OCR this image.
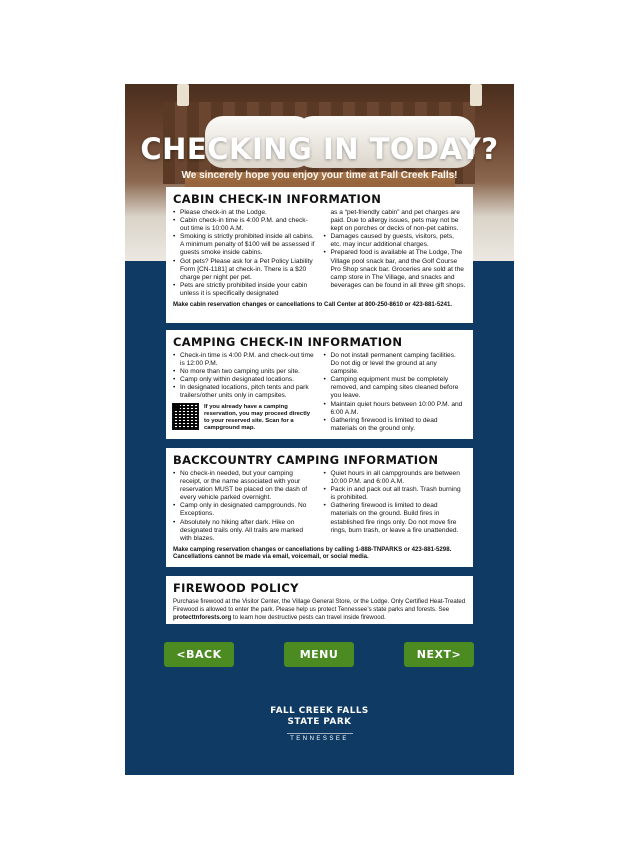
CHECKING IN TODAY?

We sincerely hope you enjoy your time at Fall Creek Falls!

CABIN CHECK-IN INFORMATION
• Please check-in at the Lodge.
• Cabin check-in time is 4:00 P.M. and check-out time is 10:00 A.M.
• Smoking is strictly prohibited inside all cabins. A minimum penalty of $100 will be assessed if guests smoke inside cabins.
• Got pets? Please ask for a Pet Policy Liability Form [CN-1181] at check-in. There is a $20 charge per night per pet.
• Pets are strictly prohibited inside your cabin unless it is specifically designated
as a “pet-friendly cabin” and pet charges are paid. Due to allergy issues, pets may not be kept on porches or decks of non-pet cabins.
• Damages caused by guests, visitors, pets, etc. may incur additional charges.
• Prepared food is available at The Lodge, The Village pool snack bar, and the Golf Course Pro Shop snack bar. Groceries are sold at the camp store in The Village, and snacks and beverages can be found in all three gift shops.
Make cabin reservation changes or cancellations to Call Center at 800-250-8610 or 423-881-5241.
CAMPING CHECK-IN INFORMATION
• Check-in time is 4:00 P.M. and check-out time is 12:00 P.M.
• No more than two camping units per site.
• Camp only within designated locations.
• In designated locations, pitch tents and park trailers/other units only in campsites.
If you already have a camping reservation, you may proceed directly to your reserved site. Scan for a campground map.
• Do not install permanent camping facilities. Do not dig or level the ground at any campsite.
• Camping equipment must be completely removed, and camping sites cleaned before you leave.
• Maintain quiet hours between 10:00 P.M. and 6:00 A.M.
• Gathering firewood is limited to dead materials on the ground only.
BACKCOUNTRY CAMPING INFORMATION
• No check-in needed, but your camping receipt, or the name associated with your reservation MUST be placed on the dash of every vehicle parked overnight.
• Camp only in designated campgrounds. No Exceptions.
• Absolutely no hiking after dark. Hike on designated trails only. All trails are marked with blazes.
• Quiet hours in all campgrounds are between 10:00 P.M. and 6:00 A.M.
• Pack in and pack out all trash. Trash burning is prohibited.
• Gathering firewood is limited to dead materials on the ground. Build fires in established fire rings only. Do not move fire rings, burn trash, or leave a fire unattended.
Make camping reservation changes or cancellations by calling 1-888-TNPARKS or 423-881-5298.
Cancellations cannot be made via email, voicemail, or social media.
FIREWOOD POLICY

Purchase firewood at the Visitor Center, the Village General Store, or the Lodge. Only Certified Heat-Treated Firewood is allowed to enter the park. Please help us protect Tennessee’s state parks and forests. See protecttnforests.org to learn how destructive pests can travel inside firewood.

<BACK	MENU	NEXT>
FALL CREEK FALLS
STATE PARK
TENNESSEE
